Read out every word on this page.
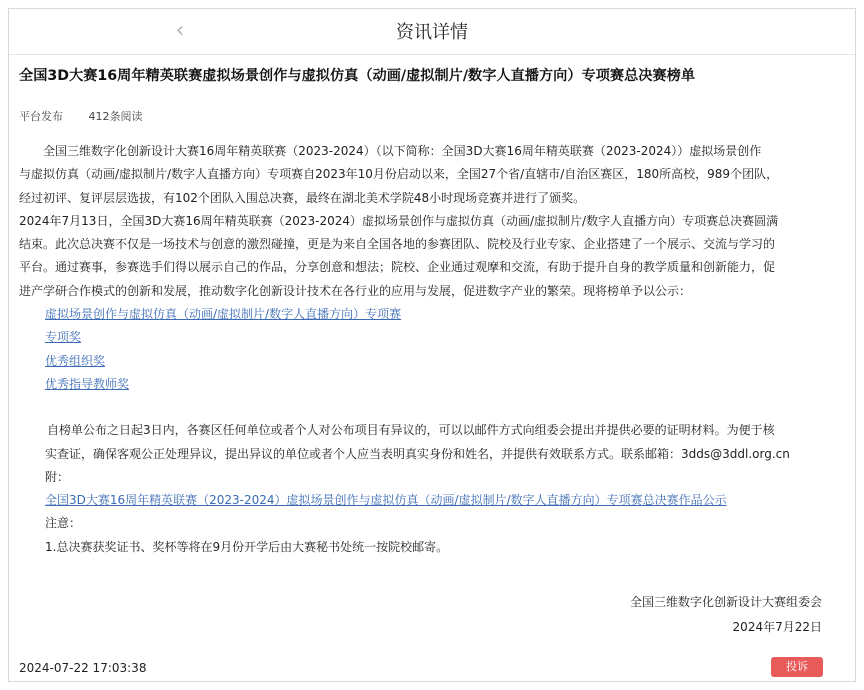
‹	资讯详情
全国3D大赛16周年精英联赛虚拟场景创作与虚拟仿真（动画/虚拟制片/数字人直播方向）专项赛总决赛榜单
平台发布 412条阅读

全国三维数字化创新设计大赛16周年精英联赛（2023-2024）（以下简称：全国3D大赛16周年精英联赛（2023-2024））虚拟场景创作

与虚拟仿真（动画/虚拟制片/数字人直播方向）专项赛自2023年10月份启动以来，全国27个省/直辖市/自治区赛区，180所高校，989个团队，

经过初评、复评层层选拔，有102个团队入围总决赛，最终在湖北美术学院48小时现场竞赛并进行了颁奖。

2024年7月13日，全国3D大赛16周年精英联赛（2023-2024）虚拟场景创作与虚拟仿真（动画/虚拟制片/数字人直播方向）专项赛总决赛圆满

结束。此次总决赛不仅是一场技术与创意的激烈碰撞，更是为来自全国各地的参赛团队、院校及行业专家、企业搭建了一个展示、交流与学习的

平台。通过赛事，参赛选手们得以展示自己的作品，分享创意和想法；院校、企业通过观摩和交流，有助于提升自身的教学质量和创新能力，促

进产学研合作模式的创新和发展，推动数字化创新设计技术在各行业的应用与发展，促进数字产业的繁荣。现将榜单予以公示：

虚拟场景创作与虚拟仿真（动画/虚拟制片/数字人直播方向）专项赛
专项奖
优秀组织奖
优秀指导教师奖

自榜单公布之日起3日内，各赛区任何单位或者个人对公布项目有异议的，可以以邮件方式向组委会提出并提供必要的证明材料。为便于核

实查证，确保客观公正处理异议，提出异议的单位或者个人应当表明真实身份和姓名，并提供有效联系方式。联系邮箱：3dds@3ddl.org.cn

附：

全国3D大赛16周年精英联赛（2023-2024）虚拟场景创作与虚拟仿真（动画/虚拟制片/数字人直播方向）专项赛总决赛作品公示

注意：

1.总决赛获奖证书、奖杯等将在9月份开学后由大赛秘书处统一按院校邮寄。

全国三维数字化创新设计大赛组委会
2024年7月22日
2024-07-22 17:03:38	投诉
